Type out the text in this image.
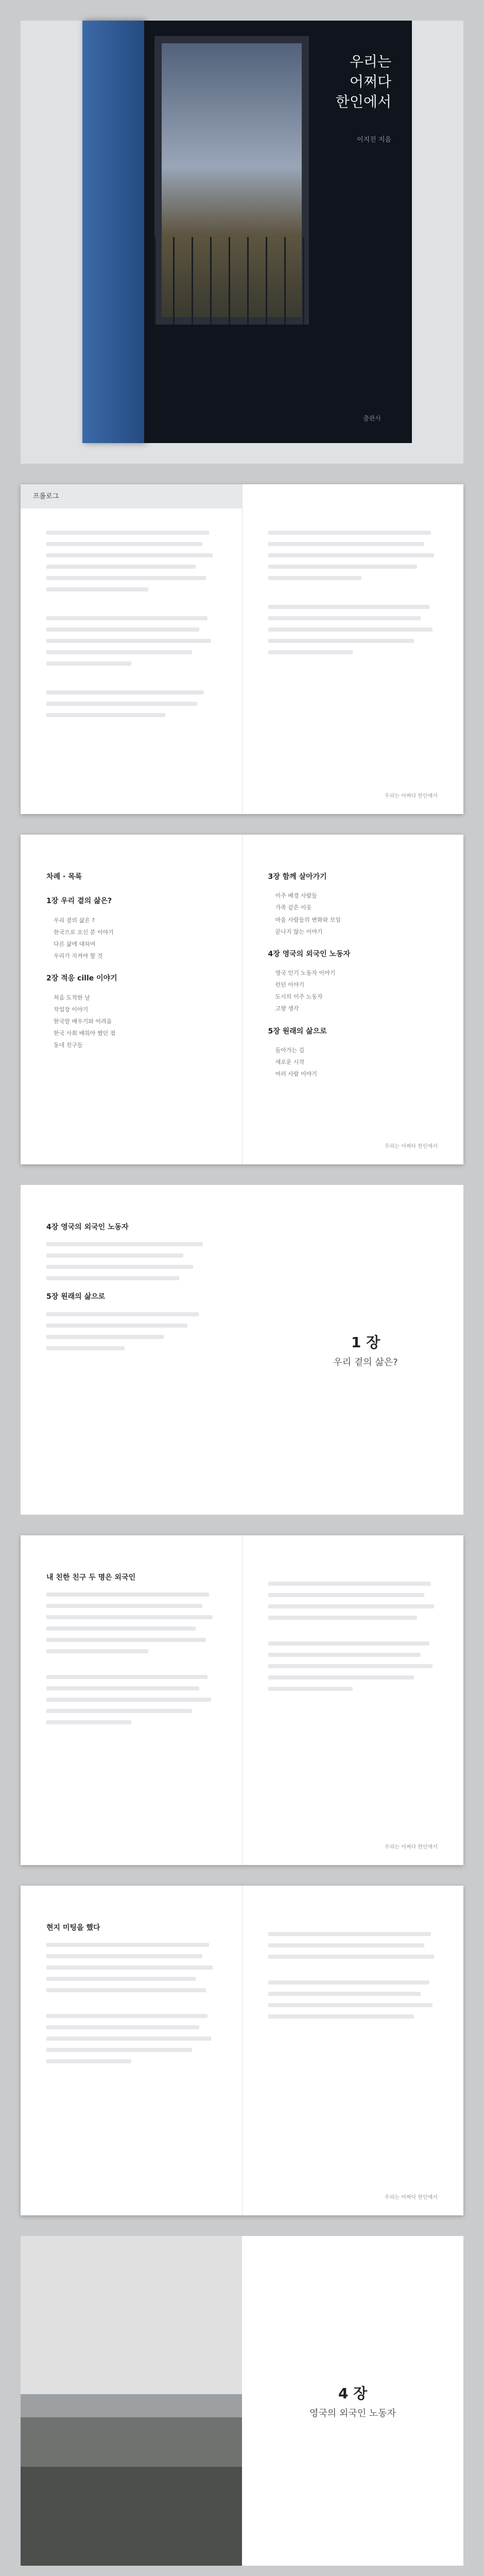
우리는
어쩌다
한인에서
이지진 지음
출판사
프롤로그
우리는 어쩌다 한인에서
차례 · 목록
1장 우리 곁의 삶은?
우리 곁의 삶은 ?
한국으로 오신 분 이야기
다른 삶에 대하여
우리가 지켜야 할 것
2장 적응 cille 이야기
처음 도착한 날
작업장 이야기
한국말 배우기와 어려움
한국 사회 배워야 했던 점
동네 친구들
3장 함께 살아가기
이주 배경 사람들
가족 같은 이웃
마을 사람들의 변화와 모임
끝나지 않는 이야기
4장 영국의 외국인 노동자
영국 인기 노동자 이야기
런던 이야기
도시의 이주 노동자
고향 생각
5장 원래의 삶으로
돌아가는 길
새로운 시작
여러 사람 이야기
우리는 어쩌다 한인에서
4장 영국의 외국인 노동자
5장 원래의 삶으로
1 장
우리 곁의 삶은?
내 친한 친구 두 명은 외국인
우리는 어쩌다 한인에서
현지 미팅을 했다
우리는 어쩌다 한인에서
4 장
영국의 외국인 노동자
